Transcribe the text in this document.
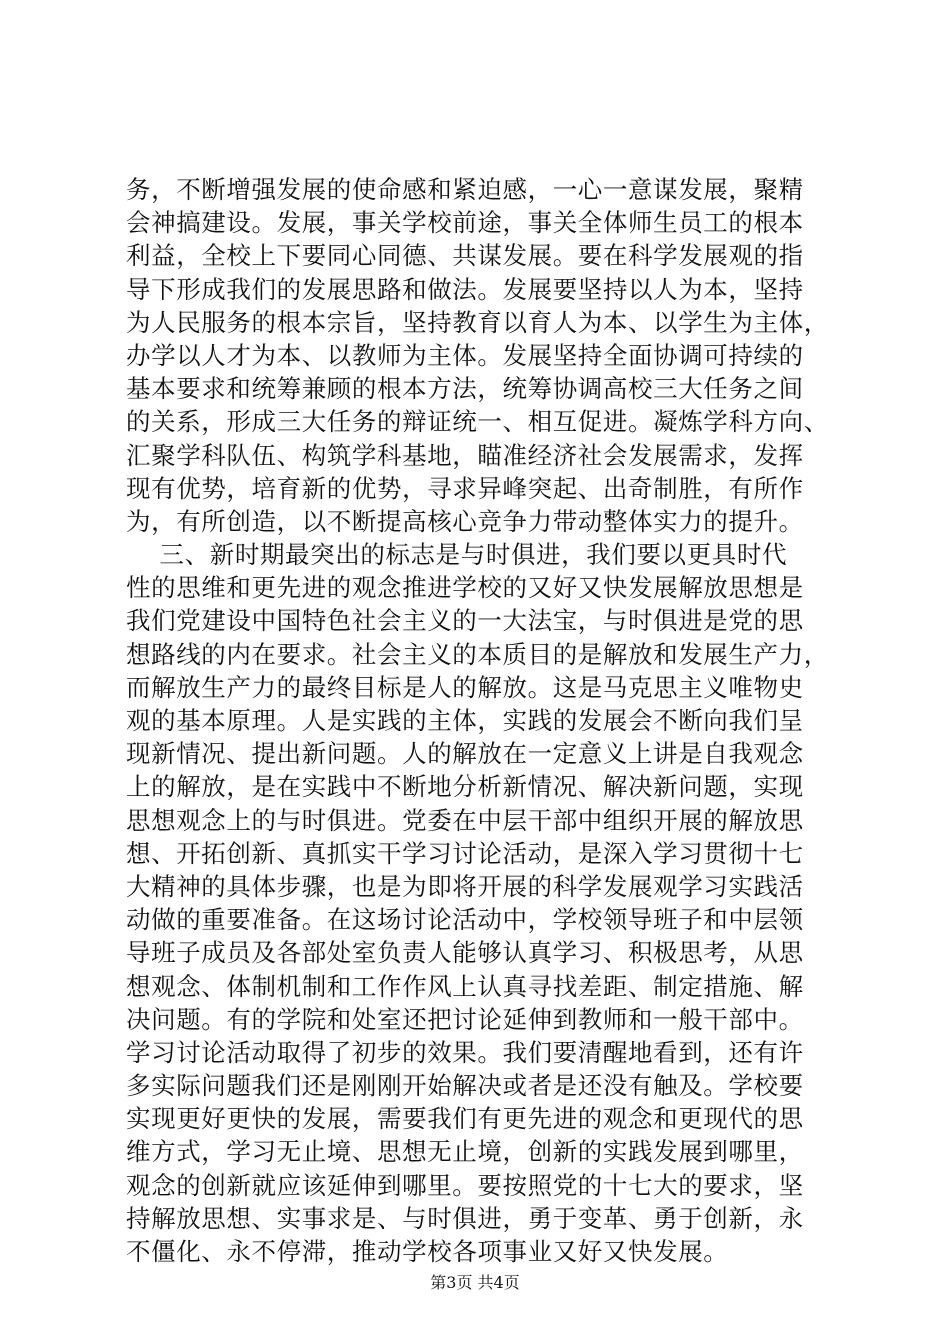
务，不断增强发展的使命感和紧迫感，一心一意谋发展，聚精
会神搞建设。发展，事关学校前途，事关全体师生员工的根本
利益，全校上下要同心同德、共谋发展。要在科学发展观的指
导下形成我们的发展思路和做法。发展要坚持以人为本，坚持
为人民服务的根本宗旨，坚持教育以育人为本、以学生为主体，
办学以人才为本、以教师为主体。发展坚持全面协调可持续的
基本要求和统筹兼顾的根本方法，统筹协调高校三大任务之间
的关系，形成三大任务的辩证统一、相互促进。凝炼学科方向、
汇聚学科队伍、构筑学科基地，瞄准经济社会发展需求，发挥
现有优势，培育新的优势，寻求异峰突起、出奇制胜，有所作
为，有所创造，以不断提高核心竞争力带动整体实力的提升。
三、新时期最突出的标志是与时俱进，我们要以更具时代
性的思维和更先进的观念推进学校的又好又快发展解放思想是
我们党建设中国特色社会主义的一大法宝，与时俱进是党的思
想路线的内在要求。社会主义的本质目的是解放和发展生产力，
而解放生产力的最终目标是人的解放。这是马克思主义唯物史
观的基本原理。人是实践的主体，实践的发展会不断向我们呈
现新情况、提出新问题。人的解放在一定意义上讲是自我观念
上的解放，是在实践中不断地分析新情况、解决新问题，实现
思想观念上的与时俱进。党委在中层干部中组织开展的解放思
想、开拓创新、真抓实干学习讨论活动，是深入学习贯彻十七
大精神的具体步骤，也是为即将开展的科学发展观学习实践活
动做的重要准备。在这场讨论活动中，学校领导班子和中层领
导班子成员及各部处室负责人能够认真学习、积极思考，从思
想观念、体制机制和工作作风上认真寻找差距、制定措施、解
决问题。有的学院和处室还把讨论延伸到教师和一般干部中。
学习讨论活动取得了初步的效果。我们要清醒地看到，还有许
多实际问题我们还是刚刚开始解决或者是还没有触及。学校要
实现更好更快的发展，需要我们有更先进的观念和更现代的思
维方式，学习无止境、思想无止境，创新的实践发展到哪里，
观念的创新就应该延伸到哪里。要按照党的十七大的要求，坚
持解放思想、实事求是、与时俱进，勇于变革、勇于创新，永
不僵化、永不停滞，推动学校各项事业又好又快发展。
第3页 共4页
